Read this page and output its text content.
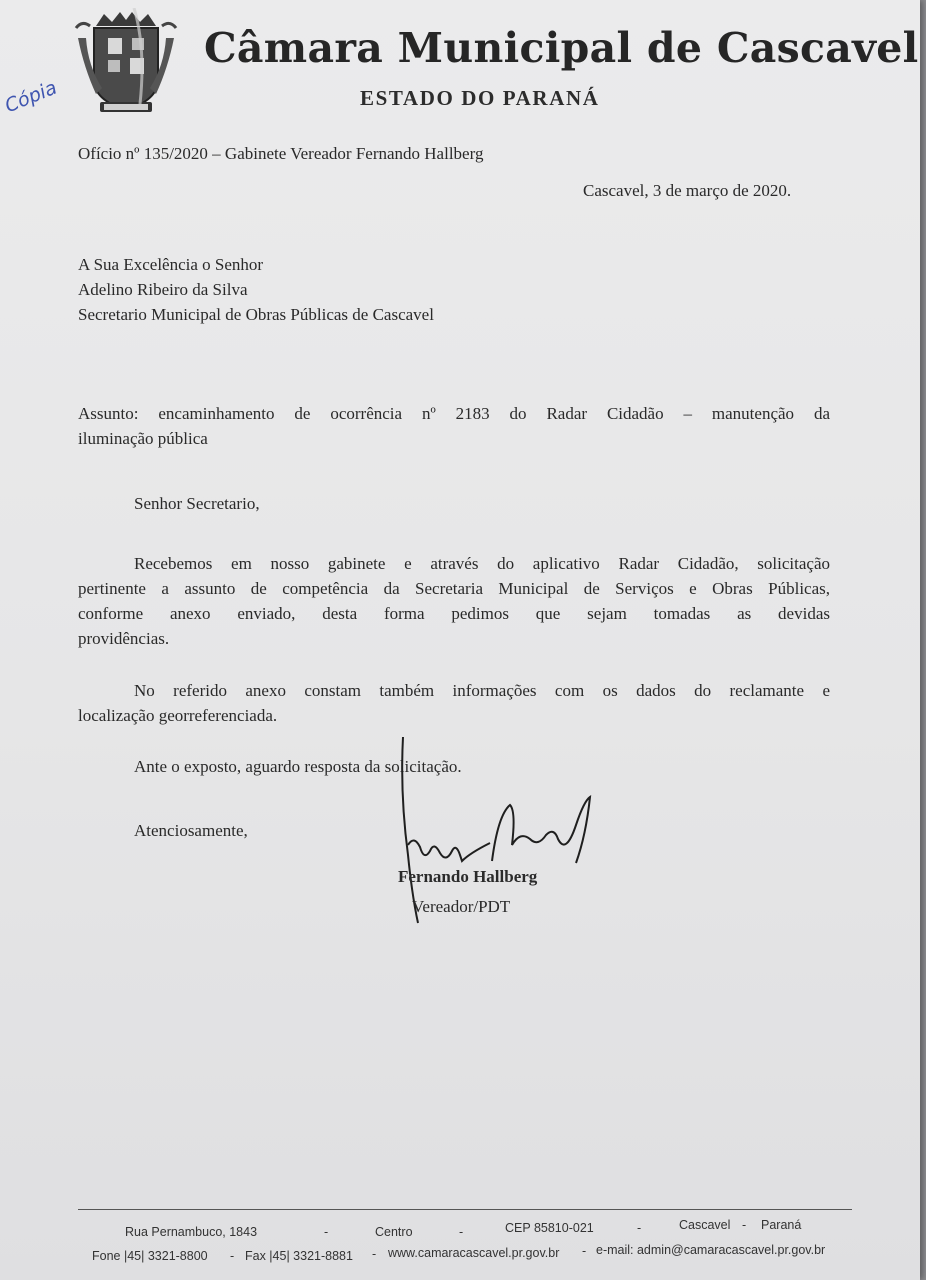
Câmara Municipal de Cascavel
ESTADO DO PARANÁ
Cópia
Ofício nº 135/2020 – Gabinete Vereador Fernando Hallberg
Cascavel, 3 de março de 2020.
A Sua Excelência o Senhor
Adelino Ribeiro da Silva
Secretario Municipal de Obras Públicas de Cascavel
Assunto: encaminhamento de ocorrência nº 2183 do Radar Cidadão – manutenção da
iluminação pública
Senhor Secretario,
Recebemos em nosso gabinete e através do aplicativo Radar Cidadão, solicitação
pertinente a assunto de competência da Secretaria Municipal de Serviços e Obras Públicas,
conforme anexo enviado, desta forma pedimos que sejam tomadas as devidas
providências.
No referido anexo constam também informações com os dados do reclamante e
localização georreferenciada.
Ante o exposto, aguardo resposta da solicitação.
Atenciosamente,
Fernando Hallberg
Vereador/PDT
Rua Pernambuco, 1843	-	Centro	-	CEP 85810-021	-	Cascavel - Paraná
Fone |45| 3321-8800 - Fax |45| 3321-8881 - www.camaracascavel.pr.gov.br - e-mail: admin@camaracascavel.pr.gov.br
